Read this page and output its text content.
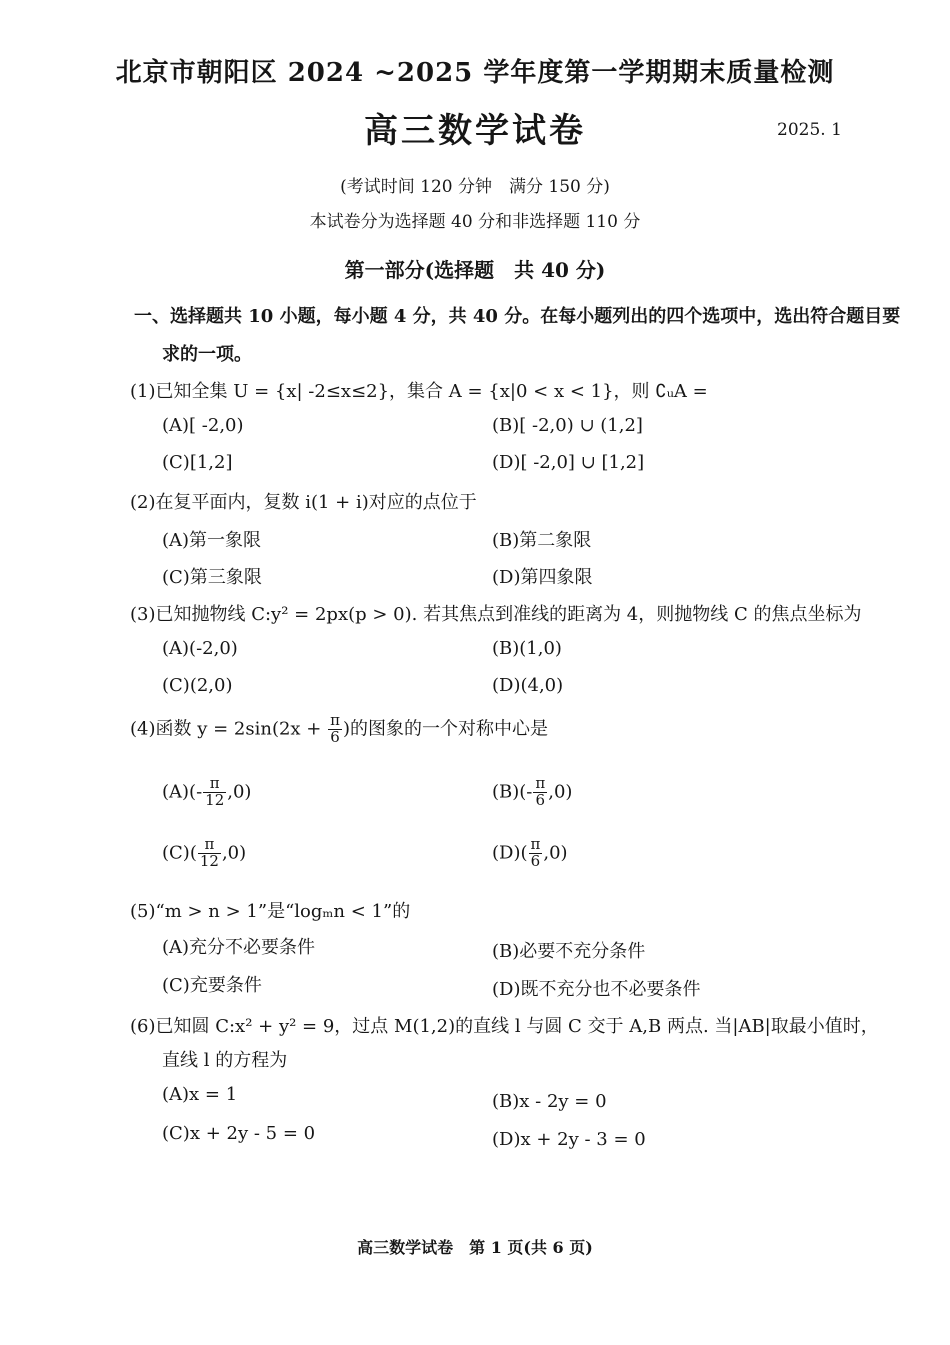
北京市朝阳区 2024 ~2025 学年度第一学期期末质量检测
高三数学试卷	2025. 1
(考试时间 120 分钟　满分 150 分)
本试卷分为选择题 40 分和非选择题 110 分
第一部分(选择题　共 40 分)
一、选择题共 10 小题，每小题 4 分，共 40 分。在每小题列出的四个选项中，选出符合题目要
求的一项。
(1)已知全集 U = {x| -2≤x≤2}，集合 A = {x|0 < x < 1}，则 ∁ᵤA =
(A)[ -2,0)	(B)[ -2,0) ∪ (1,2]
(C)[1,2]	(D)[ -2,0] ∪ [1,2]
(2)在复平面内，复数 i(1 + i)对应的点位于
(A)第一象限	(B)第二象限
(C)第三象限	(D)第四象限
(3)已知抛物线 C:y² = 2px(p > 0). 若其焦点到准线的距离为 4，则抛物线 C 的焦点坐标为
(A)(-2,0)	(B)(1,0)
(C)(2,0)	(D)(4,0)
(4)函数 $y = 2\sin(2x + \frac{\pi}{6}$ )的图象的一个对称中心是
$(A)(- \frac{\pi}{12} ,0)$	$(B)(- \frac{\pi}{6} ,0)$
$(C)( \frac{\pi}{12} ,0)$	$(D)( \frac{\pi}{6} ,0)$
(5)“m > n > 1”是“logₘn < 1”的
(A)充分不必要条件	(B)必要不充分条件
(C)充要条件	(D)既不充分也不必要条件
(6)已知圆 C:x² + y² = 9，过点 M(1,2)的直线 l 与圆 C 交于 A,B 两点. 当|AB|取最小值时，
直线 l 的方程为
(A)x = 1	(B)x - 2y = 0
(C)x + 2y - 5 = 0	(D)x + 2y - 3 = 0
高三数学试卷　第 1 页(共 6 页)
